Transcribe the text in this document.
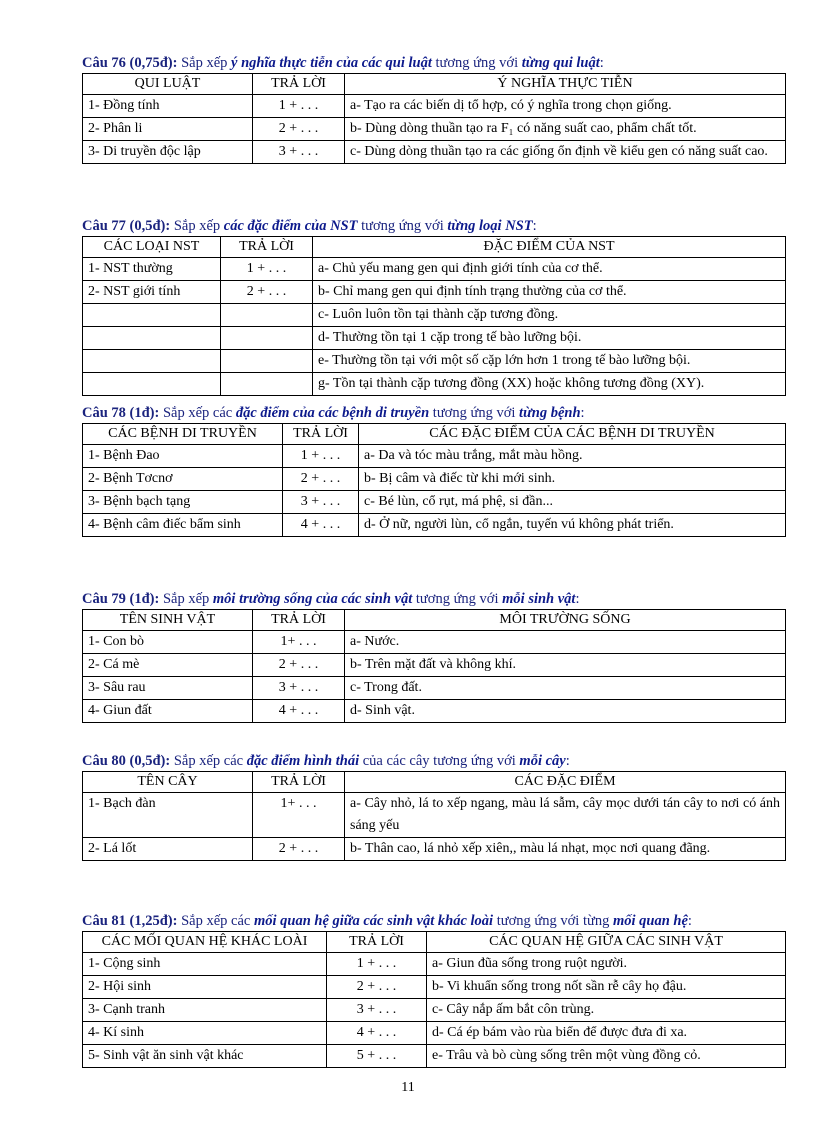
Câu 76 (0,75đ): Sắp xếp ý nghĩa thực tiễn của các qui luật tương ứng với từng qui luật:
QUI LUẬT	TRẢ LỜI	Ý NGHĨA THỰC TIỄN
1- Đồng tính	1 + . . .	a- Tạo ra các biến dị tổ hợp, có ý nghĩa trong chọn giống.
2- Phân li	2 + . . .	b- Dùng dòng thuần tạo ra F₁ có năng suất cao, phẩm chất tốt.
3- Di truyền độc lập	3 + . . .	c- Dùng dòng thuần tạo ra các giống ổn định về kiểu gen có năng suất cao.
Câu 77 (0,5đ): Sắp xếp các đặc điểm của NST tương ứng với từng loại NST:
CÁC LOẠI NST	TRẢ LỜI	ĐẶC ĐIỂM CỦA NST
1- NST thường	1 + . . .	a- Chủ yếu mang gen qui định giới tính của cơ thể.
2- NST giới tính	2 + . . .	b- Chỉ mang gen qui định tính trạng thường của cơ thể.
		c- Luôn luôn tồn tại thành cặp tương đồng.
		d- Thường tồn tại 1 cặp trong tế bào lưỡng bội.
		e- Thường tồn tại với một số cặp lớn hơn 1 trong tế bào lưỡng bội.
		g- Tồn tại thành cặp tương đồng (XX) hoặc không tương đồng (XY).
Câu 78 (1đ): Sắp xếp các đặc điểm của các bệnh di truyền tương ứng với từng bệnh:
CÁC BỆNH DI TRUYỀN	TRẢ LỜI	CÁC ĐẶC ĐIỂM CỦA CÁC BỆNH DI TRUYỀN
1- Bệnh Đao	1 + . . .	a- Da và tóc màu trắng, mắt màu hồng.
2- Bệnh Tơcnơ	2 + . . .	b- Bị câm và điếc từ khi mới sinh.
3- Bệnh bạch tạng	3 + . . .	c- Bé lùn, cổ rụt, má phệ, si đần...
4- Bệnh câm điếc bẩm sinh	4 + . . .	d- Ở nữ, người lùn, cổ ngắn, tuyến vú không phát triển.
Câu 79 (1đ): Sắp xếp môi trường sống của các sinh vật tương ứng với mỗi sinh vật:
TÊN SINH VẬT	TRẢ LỜI	MÔI TRƯỜNG SỐNG
1- Con bò	1+ . . .	a- Nước.
2- Cá mè	2 + . . .	b- Trên mặt đất và không khí.
3- Sâu rau	3 + . . .	c- Trong đất.
4- Giun đất	4 + . . .	d- Sinh vật.
Câu 80 (0,5đ): Sắp xếp các đặc điểm hình thái của các cây tương ứng với mỗi cây:
TÊN CÂY	TRẢ LỜI	CÁC ĐẶC ĐIỂM
1- Bạch đàn	1+ . . .	a- Cây nhỏ, lá to xếp ngang, màu lá sẫm, cây mọc dưới tán cây to nơi có ánh sáng yếu
2- Lá lốt	2 + . . .	b- Thân cao, lá nhỏ xếp xiên,, màu lá nhạt, mọc nơi quang đãng.
Câu 81 (1,25đ): Sắp xếp các mối quan hệ giữa các sinh vật khác loài tương ứng với từng mối quan hệ:
CÁC MỐI QUAN HỆ KHÁC LOÀI	TRẢ LỜI	CÁC QUAN HỆ GIỮA CÁC SINH VẬT
1- Cộng sinh	1 + . . .	a- Giun đũa sống trong ruột người.
2- Hội sinh	2 + . . .	b- Vi khuẩn sống trong nốt sần rễ cây họ đậu.
3- Cạnh tranh	3 + . . .	c- Cây nắp ấm bắt côn trùng.
4- Kí sinh	4 + . . .	d- Cá ép bám vào rùa biển để được đưa đi xa.
5- Sinh vật ăn sinh vật khác	5 + . . .	e- Trâu và bò cùng sống trên một vùng đồng cỏ.
11
